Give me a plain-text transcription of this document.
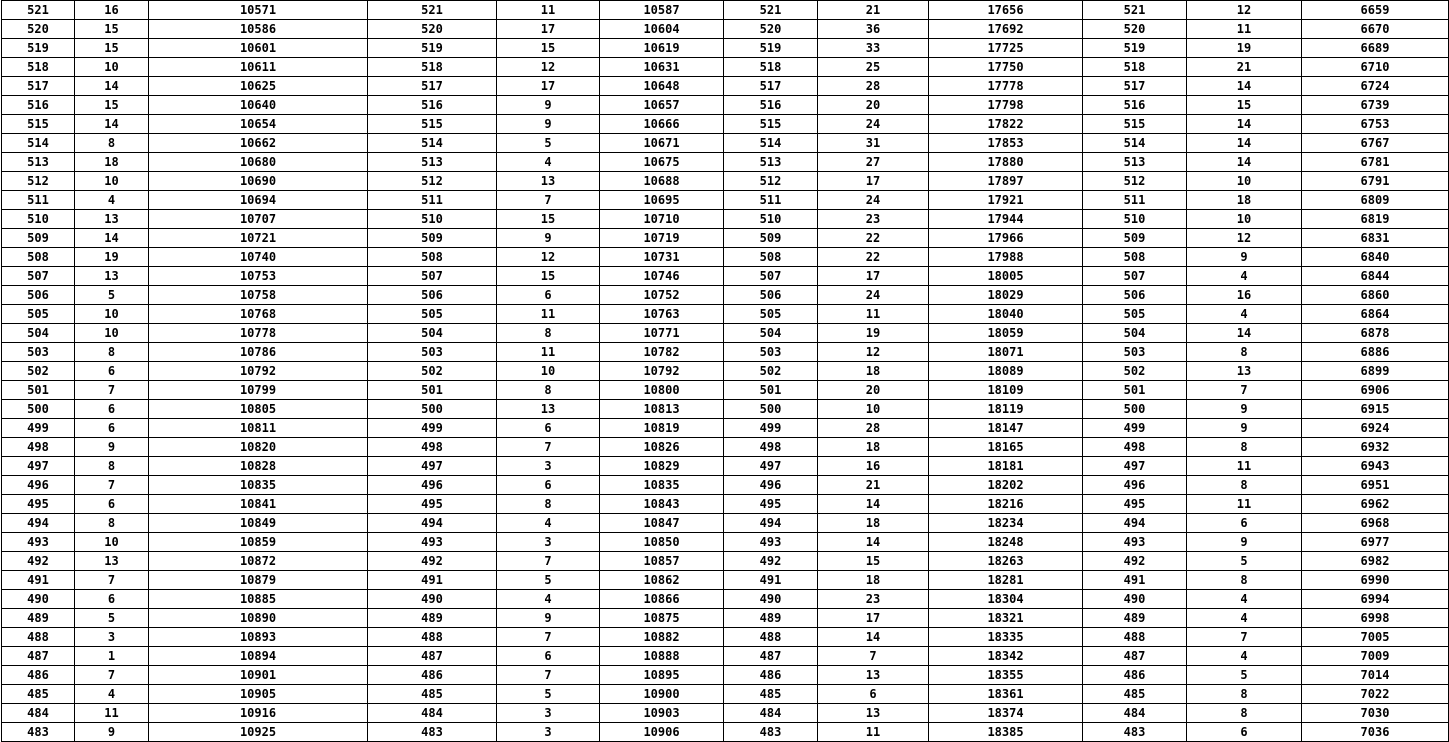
521	16	10571	521	11	10587	521	21	17656	521	12	6659
520	15	10586	520	17	10604	520	36	17692	520	11	6670
519	15	10601	519	15	10619	519	33	17725	519	19	6689
518	10	10611	518	12	10631	518	25	17750	518	21	6710
517	14	10625	517	17	10648	517	28	17778	517	14	6724
516	15	10640	516	9	10657	516	20	17798	516	15	6739
515	14	10654	515	9	10666	515	24	17822	515	14	6753
514	8	10662	514	5	10671	514	31	17853	514	14	6767
513	18	10680	513	4	10675	513	27	17880	513	14	6781
512	10	10690	512	13	10688	512	17	17897	512	10	6791
511	4	10694	511	7	10695	511	24	17921	511	18	6809
510	13	10707	510	15	10710	510	23	17944	510	10	6819
509	14	10721	509	9	10719	509	22	17966	509	12	6831
508	19	10740	508	12	10731	508	22	17988	508	9	6840
507	13	10753	507	15	10746	507	17	18005	507	4	6844
506	5	10758	506	6	10752	506	24	18029	506	16	6860
505	10	10768	505	11	10763	505	11	18040	505	4	6864
504	10	10778	504	8	10771	504	19	18059	504	14	6878
503	8	10786	503	11	10782	503	12	18071	503	8	6886
502	6	10792	502	10	10792	502	18	18089	502	13	6899
501	7	10799	501	8	10800	501	20	18109	501	7	6906
500	6	10805	500	13	10813	500	10	18119	500	9	6915
499	6	10811	499	6	10819	499	28	18147	499	9	6924
498	9	10820	498	7	10826	498	18	18165	498	8	6932
497	8	10828	497	3	10829	497	16	18181	497	11	6943
496	7	10835	496	6	10835	496	21	18202	496	8	6951
495	6	10841	495	8	10843	495	14	18216	495	11	6962
494	8	10849	494	4	10847	494	18	18234	494	6	6968
493	10	10859	493	3	10850	493	14	18248	493	9	6977
492	13	10872	492	7	10857	492	15	18263	492	5	6982
491	7	10879	491	5	10862	491	18	18281	491	8	6990
490	6	10885	490	4	10866	490	23	18304	490	4	6994
489	5	10890	489	9	10875	489	17	18321	489	4	6998
488	3	10893	488	7	10882	488	14	18335	488	7	7005
487	1	10894	487	6	10888	487	7	18342	487	4	7009
486	7	10901	486	7	10895	486	13	18355	486	5	7014
485	4	10905	485	5	10900	485	6	18361	485	8	7022
484	11	10916	484	3	10903	484	13	18374	484	8	7030
483	9	10925	483	3	10906	483	11	18385	483	6	7036
